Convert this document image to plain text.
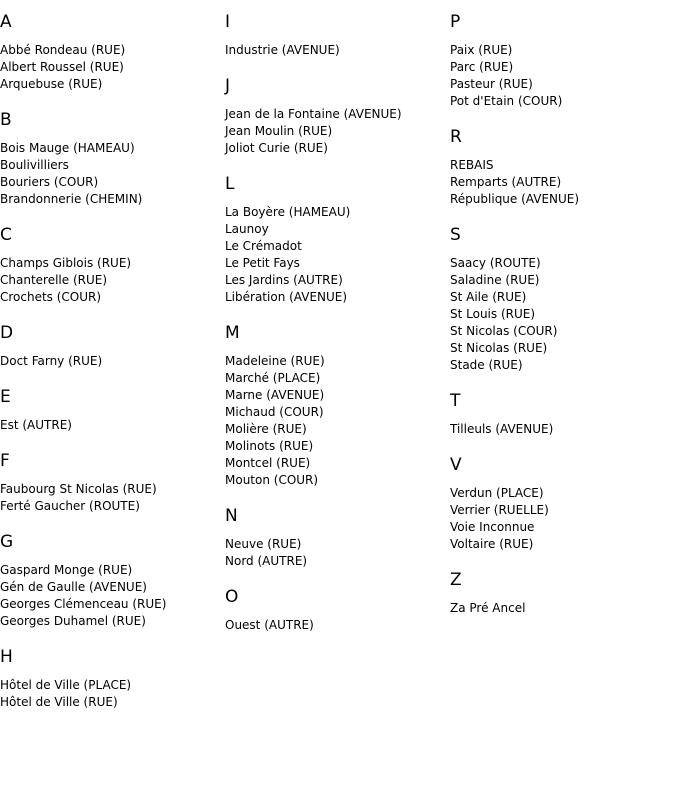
A
Abbé Rondeau (RUE)
Albert Roussel (RUE)
Arquebuse (RUE)
B
Bois Mauge (HAMEAU)
Boulivilliers
Bouriers (COUR)
Brandonnerie (CHEMIN)
C
Champs Giblois (RUE)
Chanterelle (RUE)
Crochets (COUR)
D
Doct Farny (RUE)
E
Est (AUTRE)
F
Faubourg St Nicolas (RUE)
Ferté Gaucher (ROUTE)
G
Gaspard Monge (RUE)
Gén de Gaulle (AVENUE)
Georges Clémenceau (RUE)
Georges Duhamel (RUE)
H
Hôtel de Ville (PLACE)
Hôtel de Ville (RUE)
I
Industrie (AVENUE)
J
Jean de la Fontaine (AVENUE)
Jean Moulin (RUE)
Joliot Curie (RUE)
L
La Boyère (HAMEAU)
Launoy
Le Crémadot
Le Petit Fays
Les Jardins (AUTRE)
Libération (AVENUE)
M
Madeleine (RUE)
Marché (PLACE)
Marne (AVENUE)
Michaud (COUR)
Molière (RUE)
Molinots (RUE)
Montcel (RUE)
Mouton (COUR)
N
Neuve (RUE)
Nord (AUTRE)
O
Ouest (AUTRE)
P
Paix (RUE)
Parc (RUE)
Pasteur (RUE)
Pot d'Etain (COUR)
R
REBAIS
Remparts (AUTRE)
République (AVENUE)
S
Saacy (ROUTE)
Saladine (RUE)
St Aile (RUE)
St Louis (RUE)
St Nicolas (COUR)
St Nicolas (RUE)
Stade (RUE)
T
Tilleuls (AVENUE)
V
Verdun (PLACE)
Verrier (RUELLE)
Voie Inconnue
Voltaire (RUE)
Z
Za Pré Ancel
